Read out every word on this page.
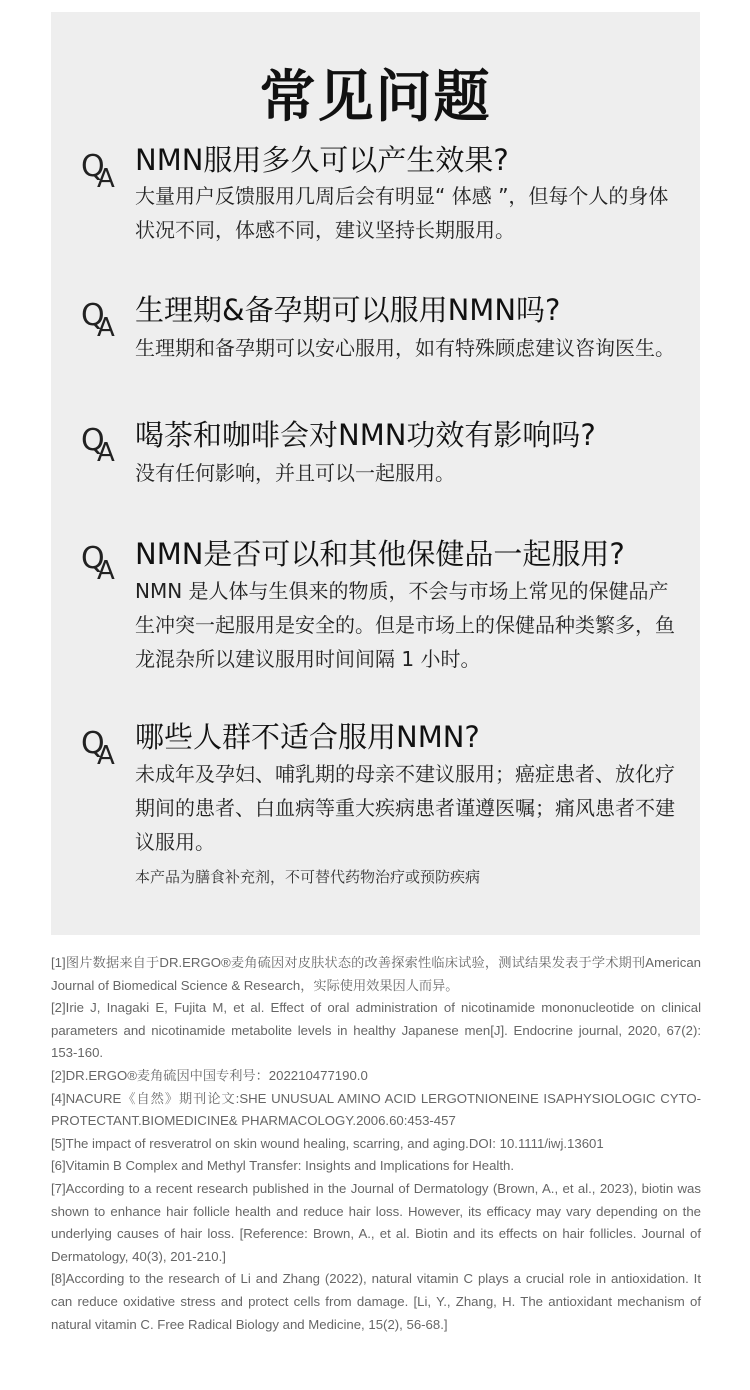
常见问题
Q
A
NMN服用多久可以产生效果?
大量用户反馈服用几周后会有明显“ 体感 ”，但每个人的身体状况不同，体感不同，建议坚持长期服用。
Q
A
生理期&备孕期可以服用NMN吗?
生理期和备孕期可以安心服用，如有特殊顾虑建议咨询医生。
Q
A
喝茶和咖啡会对NMN功效有影响吗?
没有任何影响，并且可以一起服用。
Q
A NMN是否可以和其他保健品一起服用?
NMN 是人体与生俱来的物质，不会与市场上常见的保健品产生冲突一起服用是安全的。但是市场上的保健品种类繁多，鱼龙混杂所以建议服用时间间隔 1 小时。
Q
A
哪些人群不适合服用NMN?
未成年及孕妇、哺乳期的母亲不建议服用；癌症患者、放化疗期间的患者、白血病等重大疾病患者谨遵医嘱；痛风患者不建议服用。
本产品为膳食补充剂，不可替代药物治疗或预防疾病

[1]图片数据来自于DR.ERGO®麦角硫因对皮肤状态的改善探索性临床试验，测试结果发表于学术期刊American Journal of Biomedical Science & Research，实际使用效果因人而异。

[2]Irie J, Inagaki E, Fujita M, et al. Effect of oral administration of nicotinamide mononucleotide on clinical parameters and nicotinamide metabolite levels in healthy Japanese men[J]. Endocrine journal, 2020, 67(2): 153-160.

[2]DR.ERGO®麦角硫因中国专利号：202210477190.0

[4]NACURE《自然》期刊论文:SHE UNUSUAL AMINO ACID LERGOTNIONEINE ISAPHYSIOLOGIC CYTO-PROTECTANT.BIOMEDICINE& PHARMACOLOGY.2006.60:453-457

[5]The impact of resveratrol on skin wound healing, scarring, and aging.DOI: 10.1111/iwj.13601

[6]Vitamin B Complex and Methyl Transfer: Insights and Implications for Health.

[7]According to a recent research published in the Journal of Dermatology (Brown, A., et al., 2023), biotin was shown to enhance hair follicle health and reduce hair loss. However, its efficacy may vary depending on the underlying causes of hair loss. [Reference: Brown, A., et al. Biotin and its effects on hair follicles. Journal of Dermatology, 40(3), 201-210.]

[8]According to the research of Li and Zhang (2022), natural vitamin C plays a crucial role in antioxidation. It can reduce oxidative stress and protect cells from damage. [Li, Y., Zhang, H. The antioxidant mechanism of natural vitamin C. Free Radical Biology and Medicine, 15(2), 56-68.]
